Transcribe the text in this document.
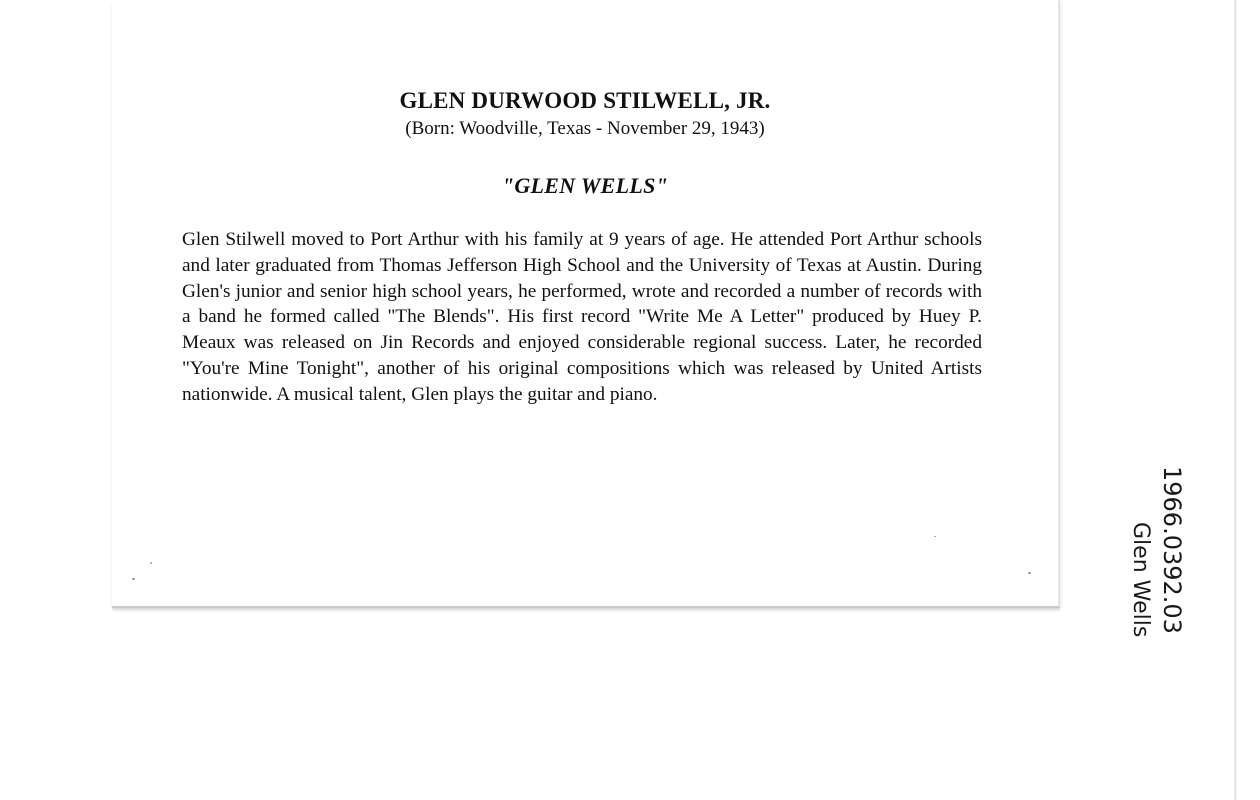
GLEN DURWOOD STILWELL, JR.

(Born: Woodville, Texas - November 29, 1943)

"GLEN WELLS"

Glen Stilwell moved to Port Arthur with his family at 9 years of age. He attended Port Arthur schools and later graduated from Thomas Jefferson High School and the University of Texas at Austin. During Glen's junior and senior high school years, he performed, wrote and recorded a number of records with a band he formed called "The Blends". His first record "Write Me A Letter" produced by Huey P. Meaux was released on Jin Records and enjoyed considerable regional success. Later, he recorded "You're Mine Tonight", another of his original compositions which was released by United Artists nationwide. A musical talent, Glen plays the guitar and piano.

1966.0392.03
Glen Wells
